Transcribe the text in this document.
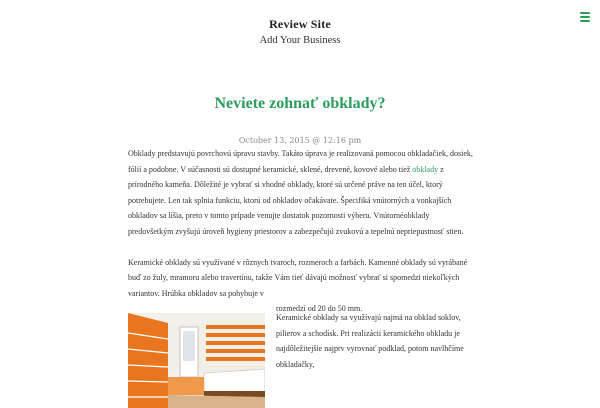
Review Site
Add Your Business
Neviete zohnať obklady?
October 13, 2015 @ 12:16 pm

Obklady predstavujú povrchovú úpravu stavby. Takáto úprava je realizovaná pomocou obkladačiek, dosiek, fólií a podobne. V súčasnosti sú dostupné keramické, sklené, drevené, kovové alebo tiež obklady z prírodného kameňa. Dôležité je vybrať si vhodné obklady, ktoré sú určené práve na ten účel, ktorý potrebujete. Len tak splnia funkciu, ktorú od obkladov očakávate. Špecifiká vnútorných a vonkajších obkladov sa líšia, preto v tomto prípade venujte dostatok pozornosti výberu. Vnútornéobklady predovšetkým zvyšujú úroveň hygieny priestorov a zabezpečujú zvukovú a tepelnú nepriepustnosť stien.

Keramické obklady sú využívané v rôznych tvaroch, rozmeroch a farbách. Kamenné obklady sú vyrábané buď zo žuly, mramoru alebo travertínu, takže Vám tieť dávajú možnosť vybrať si spomedzi niekoľkých variantov. Hrúbka obkladov sa pohybuje v

rozmedzí od 20 do 50 mm.

Keramické obklady sa využívajú najmä na obklad soklov, pilierov a schodísk. Pri realizácii keramického obkladu je najdôležitejšie najprv vyrovnať podklad, potom navlhčíme obkladačky,
